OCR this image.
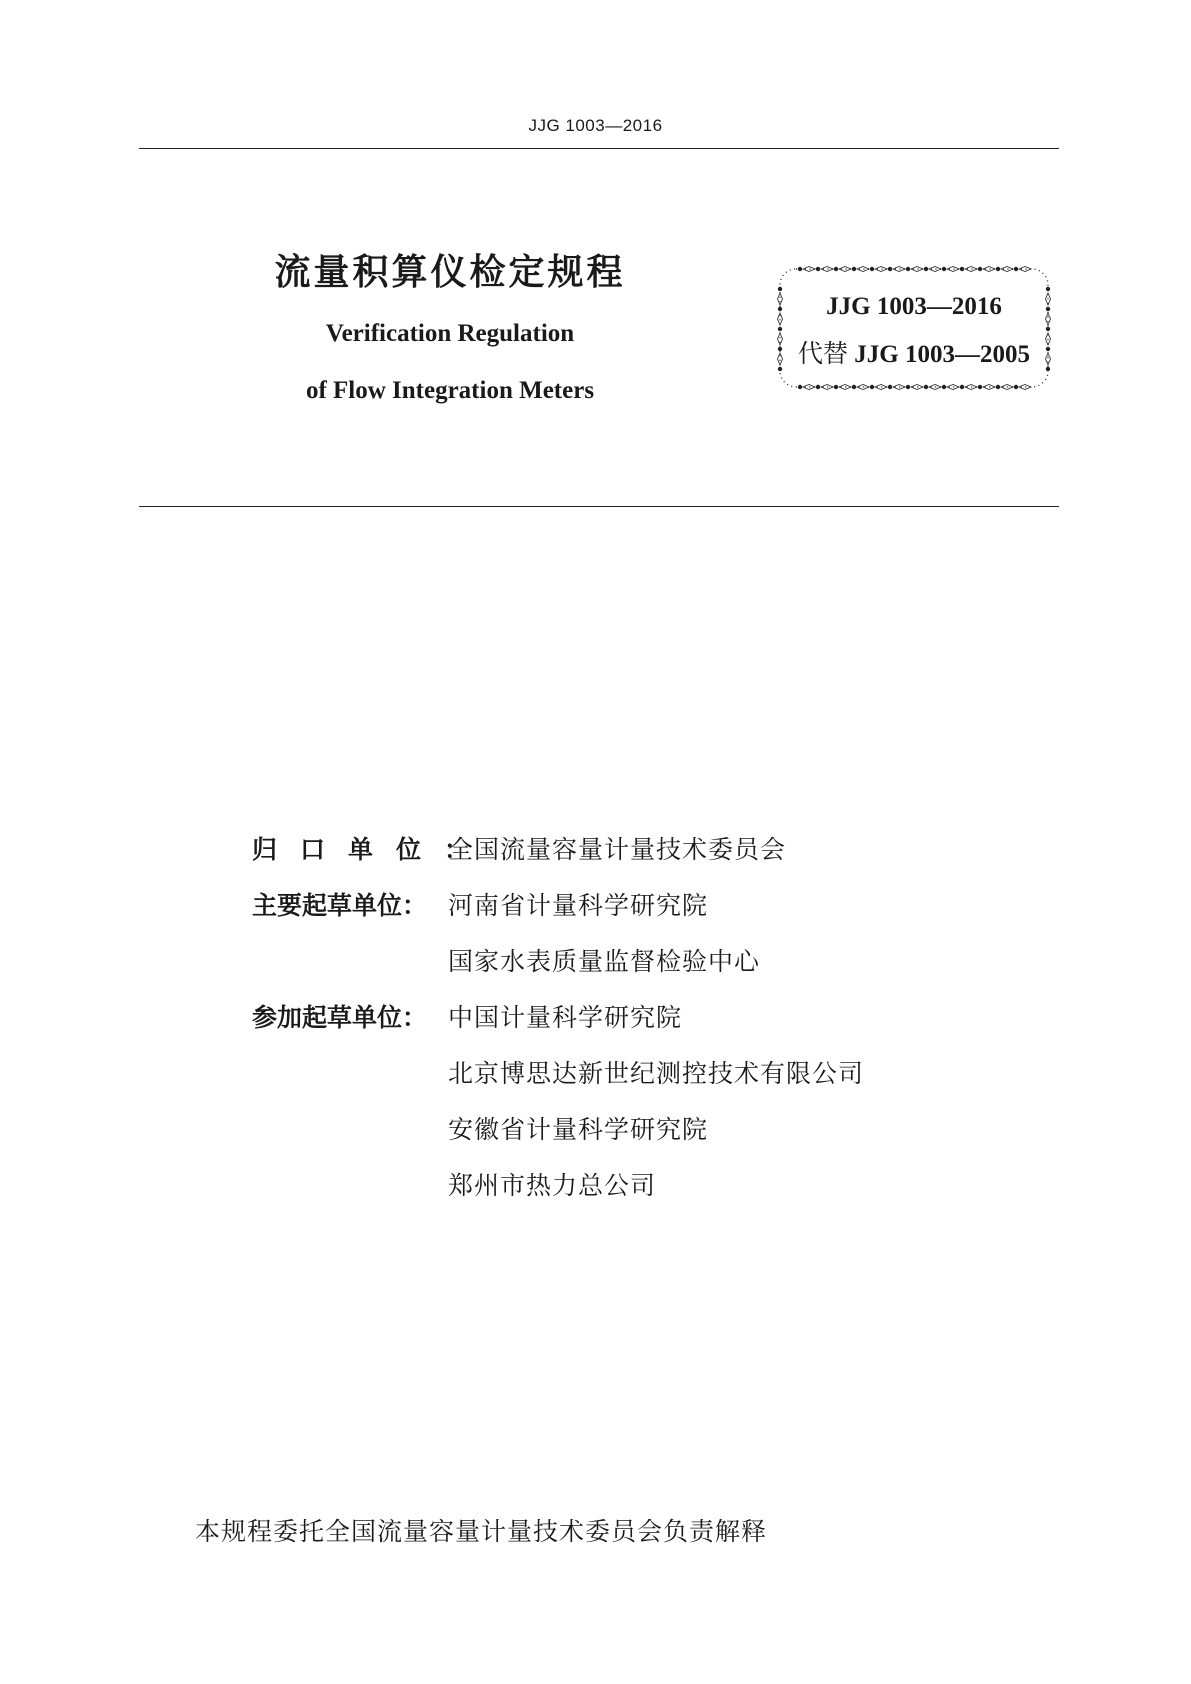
JJG 1003—2016
流量积算仪检定规程
Verification Regulation
of Flow Integration Meters
JJG 1003—2016
代替 JJG 1003—2005
归口单位：
全国流量容量计量技术委员会
主要起草单位： 河南省计量科学研究院
国家水表质量监督检验中心
参加起草单位： 中国计量科学研究院
北京博思达新世纪测控技术有限公司
安徽省计量科学研究院
郑州市热力总公司
本规程委托全国流量容量计量技术委员会负责解释
